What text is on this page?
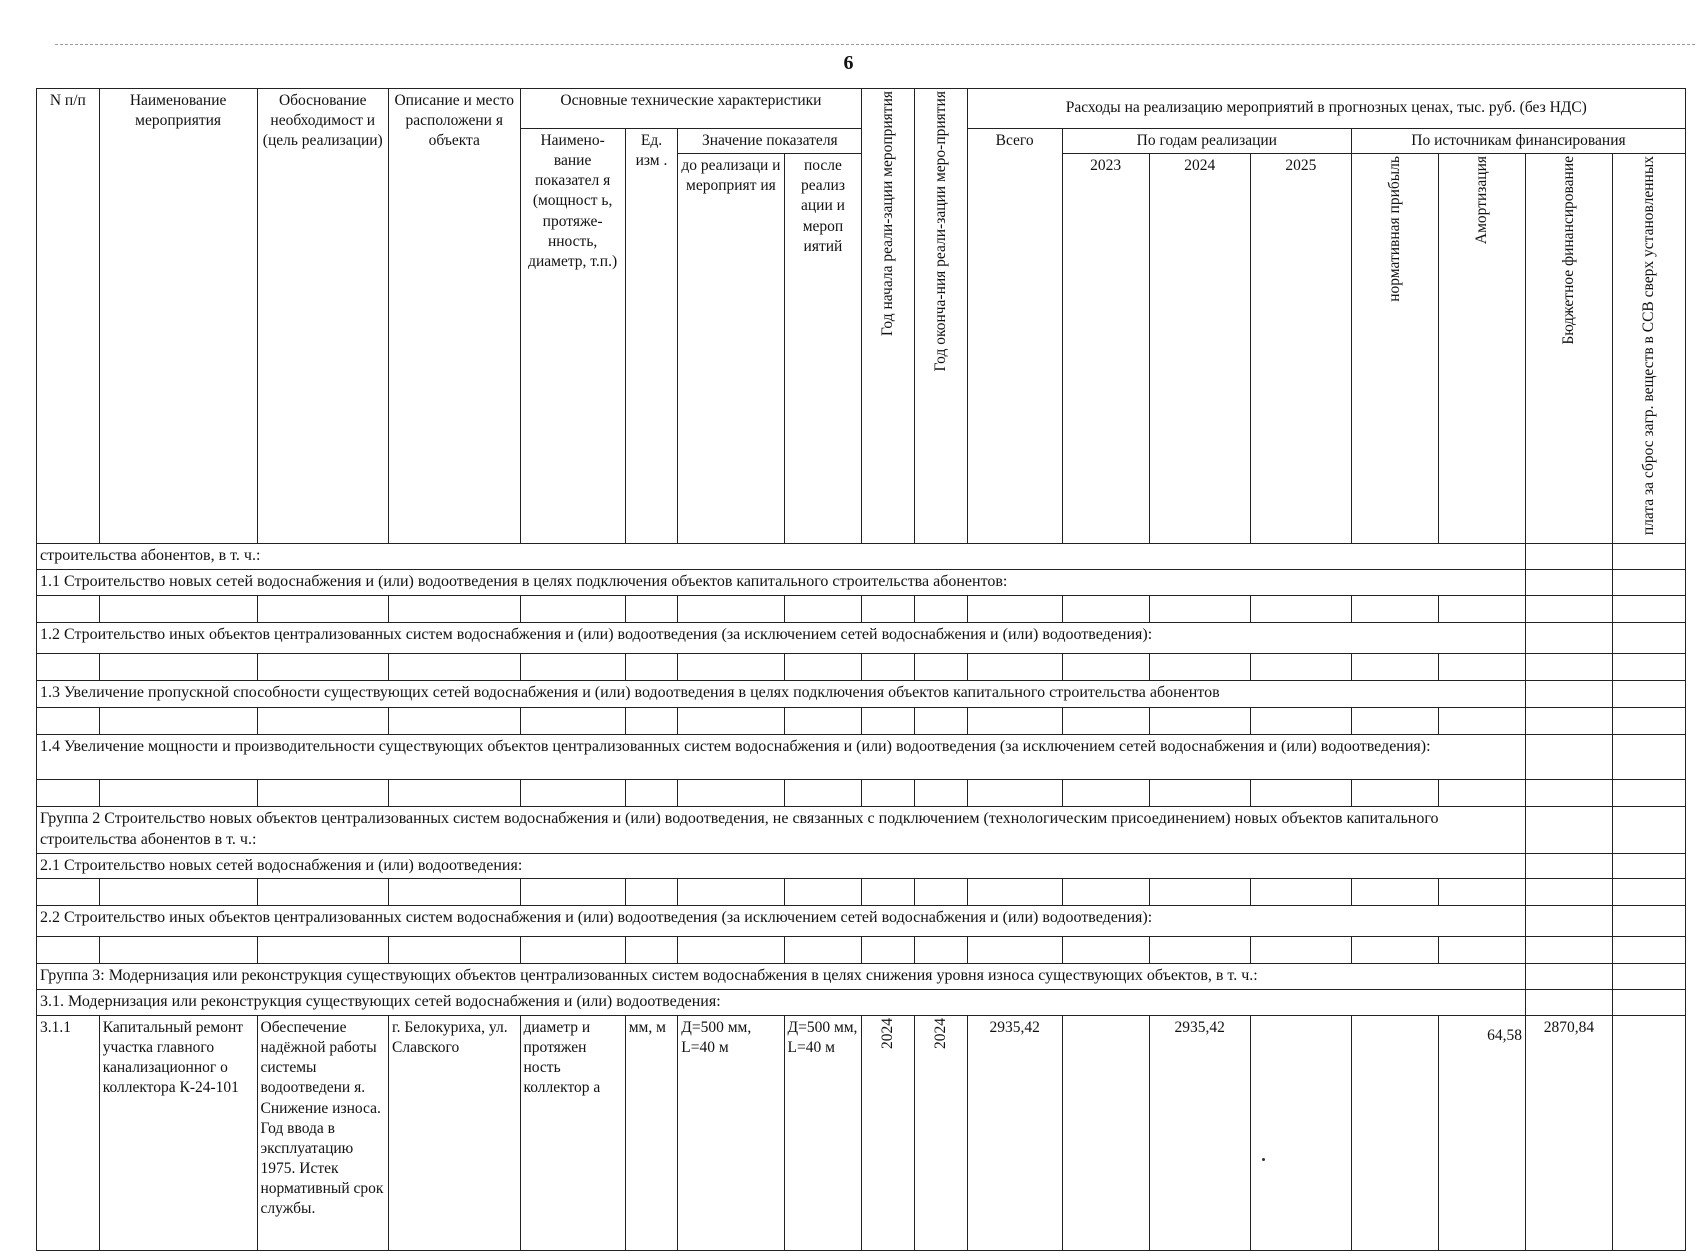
6
N п/п	Наименование мероприятия	Обоснование необходимост и (цель реализации)	Описание и место расположени я объекта	Основные технические характеристики				Год начала реали-зации мероприятия	Год оконча-ния реали-зации меро-приятия	Расходы на реализацию мероприятий в прогнозных ценах, тыс. руб. (без НДС)							
				Наимено-вание показател я (мощност ь, протяже-нность, диаметр, т.п.)	Ед. изм .	Значение показателя				Всего	По годам реализации			По источникам финансирования			
						до реализаци и мероприят ия	после реализ ации и мероп иятий				2023	2024	2025	нормативная прибыль	Амортизация	Бюджетное финансирование	плата за сброс загр. веществ в ССВ сверх установленных

строительства абонентов, в т. ч.:																	
1.1 Строительство новых сетей водоснабжения и (или) водоотведения в целях подключения объектов капитального строительства абонентов:																	

1.2 Строительство иных объектов централизованных систем водоснабжения и (или) водоотведения (за исключением сетей водоснабжения и (или) водоотведения):																	

1.3 Увеличение пропускной способности существующих сетей водоснабжения и (или) водоотведения в целях подключения объектов капитального строительства абонентов																	

1.4 Увеличение мощности и производительности существующих объектов централизованных систем водоснабжения и (или) водоотведения (за исключением сетей водоснабжения и (или) водоотведения):																	

Группа 2 Строительство новых объектов централизованных систем водоснабжения и (или) водоотведения, не связанных с подключением (технологическим присоединением) новых объектов капитального строительства абонентов в т. ч.:																	
2.1 Строительство новых сетей водоснабжения и (или) водоотведения:																	

2.2 Строительство иных объектов централизованных систем водоснабжения и (или) водоотведения (за исключением сетей водоснабжения и (или) водоотведения):																	

Группа 3: Модернизация или реконструкция существующих объектов централизованных систем водоснабжения в целях снижения уровня износа существующих объектов, в т. ч.:																	
3.1. Модернизация или реконструкция существующих сетей водоснабжения и (или) водоотведения:																	
3.1.1	Капитальный ремонт участка главного канализационног о коллектора К-24-101	Обеспечение надёжной работы системы водоотведени я. Снижение износа. Год ввода в эксплуатацию 1975. Истек нормативный срок службы.	г. Белокуриха, ул. Славского	диаметр и протяжен ность коллектор а	мм, м	Д=500 мм, L=40 м	Д=500 мм, L=40 м	2024	2024	2935,42		2935,42			64,58	2870,84	
